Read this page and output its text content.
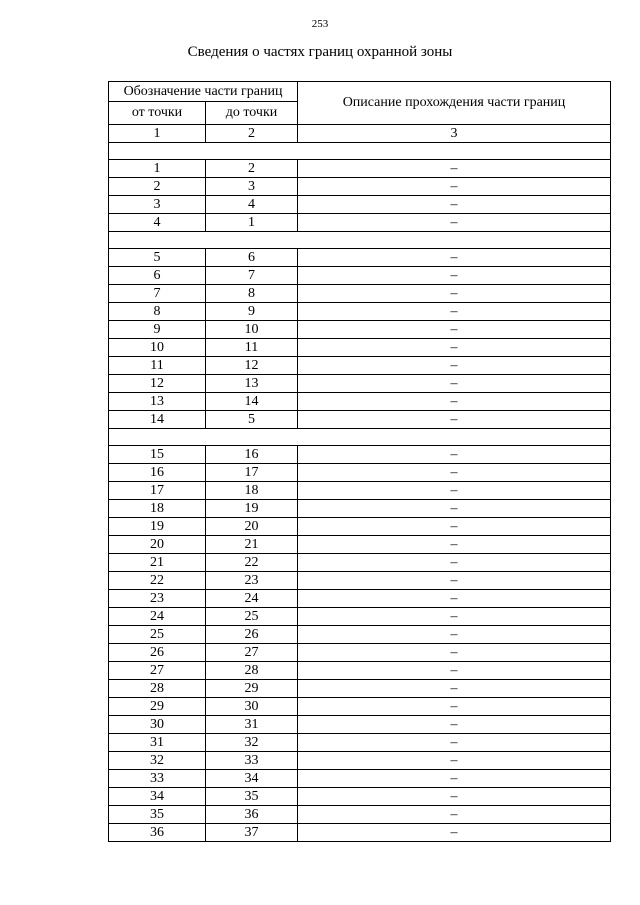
253
Сведения о частях границ охранной зоны
Обозначение части границ		Описание прохождения части границ
от точки	до точки	
1	2	3

1	2	–
2	3	–
3	4	–
4	1	–

5	6	–
6	7	–
7	8	–
8	9	–
9	10	–
10	11	–
11	12	–
12	13	–
13	14	–
14	5	–

15	16	–
16	17	–
17	18	–
18	19	–
19	20	–
20	21	–
21	22	–
22	23	–
23	24	–
24	25	–
25	26	–
26	27	–
27	28	–
28	29	–
29	30	–
30	31	–
31	32	–
32	33	–
33	34	–
34	35	–
35	36	–
36	37	–
